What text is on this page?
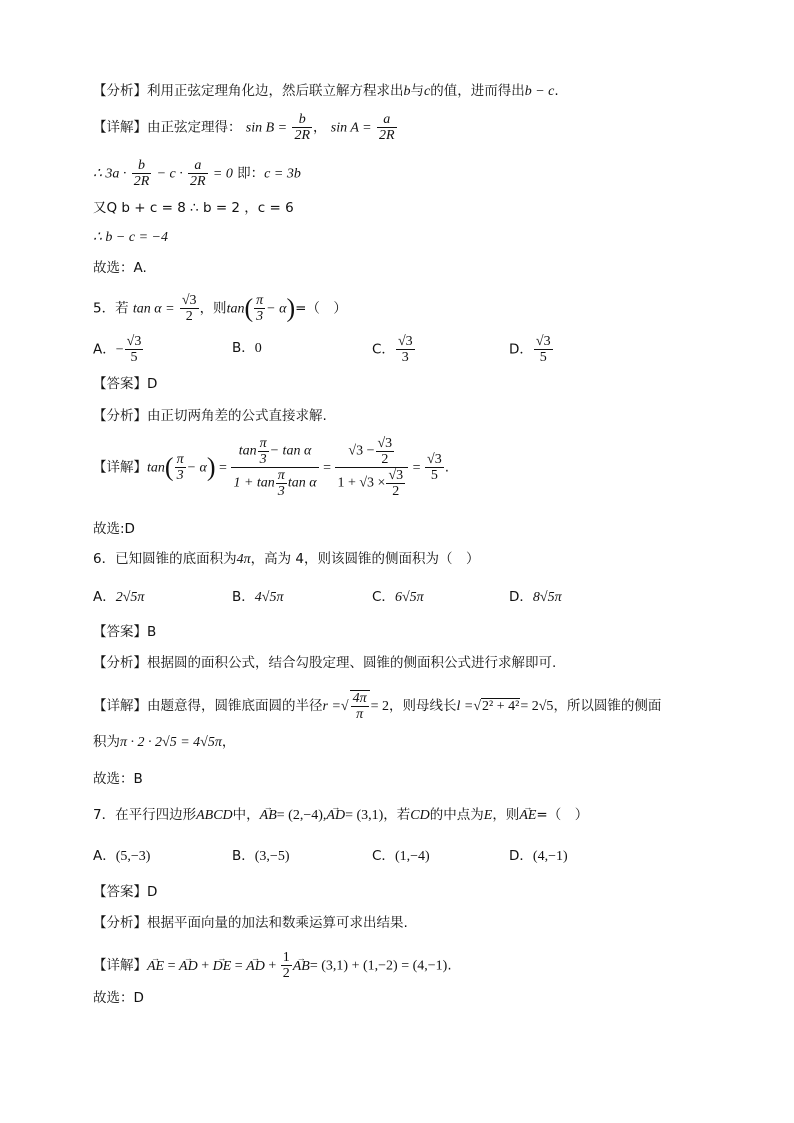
【分析】利用正弦定理角化边，然后联立解方程求出b与c的值，进而得出b − c.
【详解】由正弦定理得： $\sin B = \frac{b}{2R}$ ， $\sin A = \frac{a}{2R}$
∴ $3a \cdot \frac{b}{2R} - c \cdot \frac{a}{2R} = 0$ 即：c = 3b
又Q b + c = 8 ∴ b = 2 ，c = 6
∴ b − c = −4
故选：A.
5．若 $\tan \alpha = \frac{√3}{2}$ ，则$\tan( \frac{\pi}{3} - \alpha)=$（　）
A．− $\frac{√3}{5}$	B．0	C． $\frac{√3}{3}$	D． $\frac{√3}{5}$
【答案】D
【分析】由正切两角差的公式直接求解.
【详解】$\tan( \frac{\pi}{3} - \alpha) = \frac{\tan \frac{\pi}{3} - \tan \alpha}{1 + \tan \frac{\pi}{3} \tan \alpha} = \frac{√3 - \frac{√3}{2}}{1 + √3 \times \frac{√3}{2}} = \frac{√3}{5}$ .
故选:D
6．已知圆锥的底面积为4π，高为 4，则该圆锥的侧面积为（　）
A．2√5π	B．4√5π	C．6√5π	D．8√5π
【答案】B
【分析】根据圆的面积公式，结合勾股定理、圆锥的侧面积公式进行求解即可.
【详解】由题意得，圆锥底面圆的半径r =√ $\frac{4\pi}{\pi} = 2$，则母线长l =√2² + 4²= 2√5，所以圆锥的侧面
积为π · 2 · 2√5 = 4√5π，
故选：B
7．在平行四边形ABCD中，→ AB= (2,−4),→ AD= (3,1)，若CD的中点为E，则→ AE=（　）
A．(5,−3)	B．(3,−5)	C．(1,−4)	D．(4,−1)
【答案】D
【分析】根据平面向量的加法和数乘运算可求出结果.
【详解】→ AE = → AD + → DE = → AD + $\frac{1}{2}$
→ AB= (3,1) + (1,−2) = (4,−1).
故选：D
